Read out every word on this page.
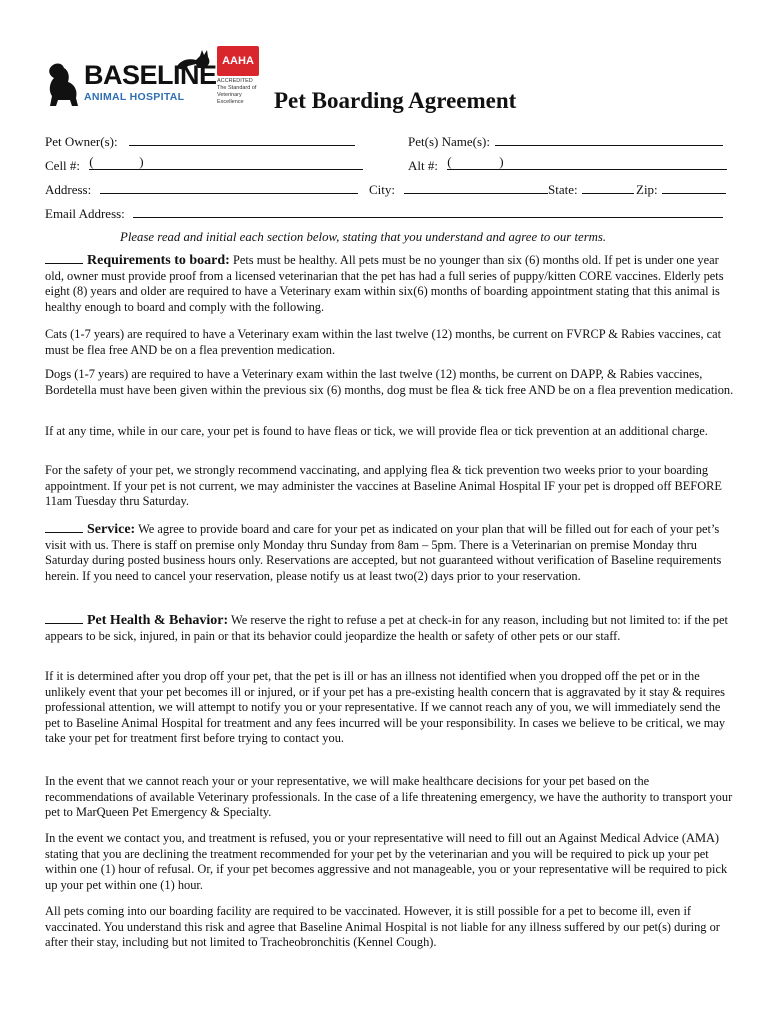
BASELINE
ANIMAL HOSPITAL
AAHA
ACCREDITED
The Standard of Veterinary Excellence	Pet Boarding Agreement
Pet Owner(s):	Pet(s) Name(s):
Cell #: (	)	Alt #: (	)
Address:	City:	State:	Zip:
Email Address:
Please read and initial each section below, stating that you understand and agree to our terms.
Requirements to board: Pets must be healthy. All pets must be no younger than six (6) months old. If pet is under one year old, owner must provide proof from a licensed veterinarian that the pet has had a full series of puppy/kitten CORE vaccines. Elderly pets eight (8) years and older are required to have a Veterinary exam within six(6) months of boarding appointment stating that this animal is healthy enough to board and comply with the following.
Cats (1-7 years) are required to have a Veterinary exam within the last twelve (12) months, be current on FVRCP & Rabies vaccines, cat must be flea free AND be on a flea prevention medication.
Dogs (1-7 years) are required to have a Veterinary exam within the last twelve (12) months, be current on DAPP, & Rabies vaccines, Bordetella must have been given within the previous six (6) months, dog must be flea & tick free AND be on a flea prevention medication.
If at any time, while in our care, your pet is found to have fleas or tick, we will provide flea or tick prevention at an additional charge.
For the safety of your pet, we strongly recommend vaccinating, and applying flea & tick prevention two weeks prior to your boarding appointment. If your pet is not current, we may administer the vaccines at Baseline Animal Hospital IF your pet is dropped off BEFORE 11am Tuesday thru Saturday.
Service: We agree to provide board and care for your pet as indicated on your plan that will be filled out for each of your pet’s visit with us. There is staff on premise only Monday thru Sunday from 8am – 5pm. There is a Veterinarian on premise Monday thru Saturday during posted business hours only. Reservations are accepted, but not guaranteed without verification of Baseline requirements herein. If you need to cancel your reservation, please notify us at least two(2) days prior to your reservation.
Pet Health & Behavior: We reserve the right to refuse a pet at check-in for any reason, including but not limited to: if the pet appears to be sick, injured, in pain or that its behavior could jeopardize the health or safety of other pets or our staff.
If it is determined after you drop off your pet, that the pet is ill or has an illness not identified when you dropped off the pet or in the unlikely event that your pet becomes ill or injured, or if your pet has a pre-existing health concern that is aggravated by it stay & requires professional attention, we will attempt to notify you or your representative. If we cannot reach any of you, we will immediately send the pet to Baseline Animal Hospital for treatment and any fees incurred will be your responsibility. In cases we believe to be critical, we may take your pet for treatment first before trying to contact you.
In the event that we cannot reach your or your representative, we will make healthcare decisions for your pet based on the recommendations of available Veterinary professionals. In the case of a life threatening emergency, we have the authority to transport your pet to MarQueen Pet Emergency & Specialty.
In the event we contact you, and treatment is refused, you or your representative will need to fill out an Against Medical Advice (AMA) stating that you are declining the treatment recommended for your pet by the veterinarian and you will be required to pick up your pet within one (1) hour of refusal. Or, if your pet becomes aggressive and not manageable, you or your representative will be required to pick up your pet within one (1) hour.
All pets coming into our boarding facility are required to be vaccinated. However, it is still possible for a pet to become ill, even if vaccinated. You understand this risk and agree that Baseline Animal Hospital is not liable for any illness suffered by our pet(s) during or after their stay, including but not limited to Tracheobronchitis (Kennel Cough).
